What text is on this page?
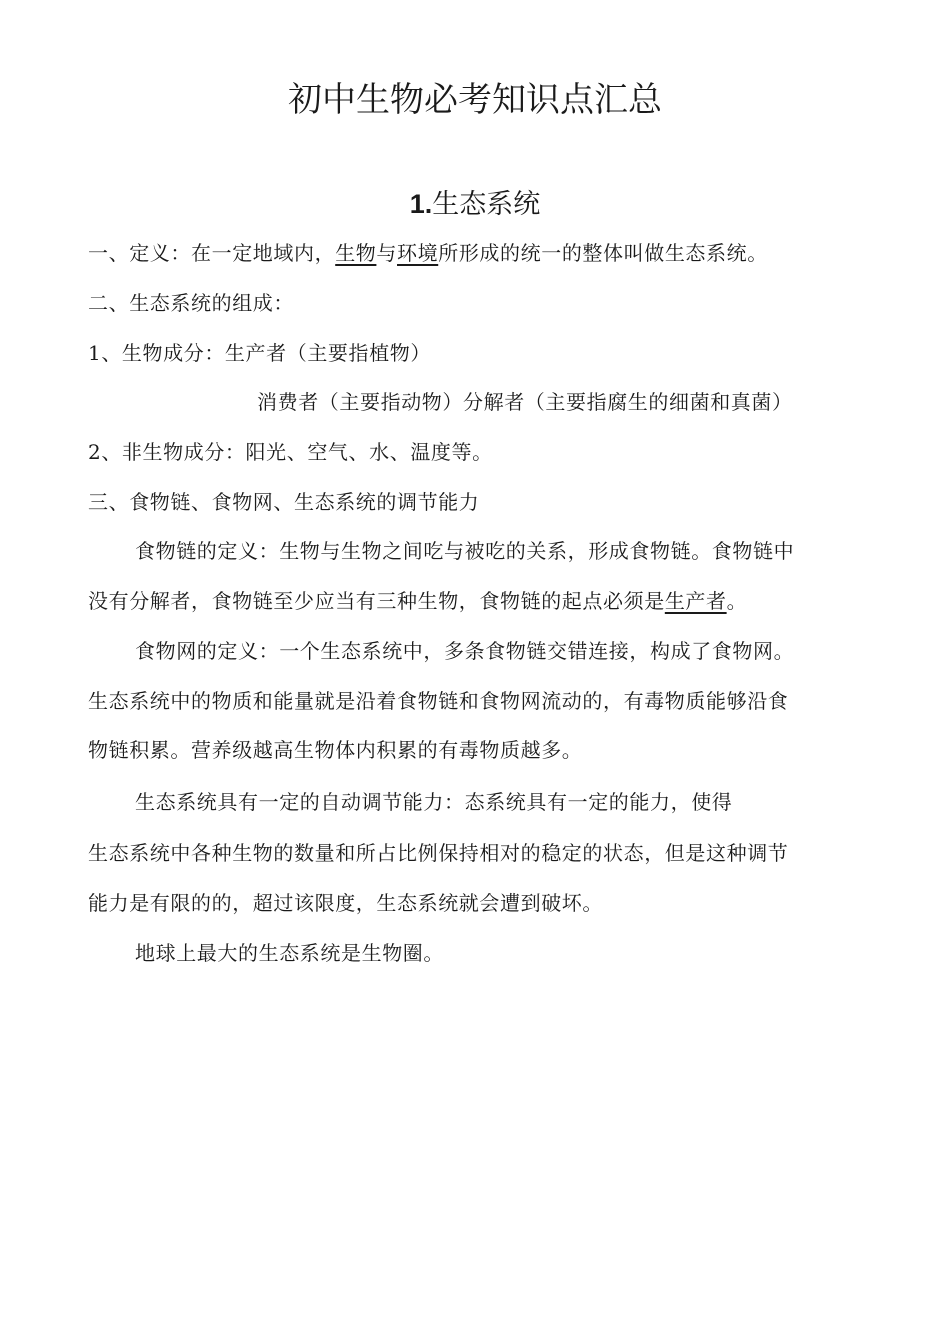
初中生物必考知识点汇总
1.生态系统
一、定义：在一定地域内，生物与环境所形成的统一的整体叫做生态系统。
二、生态系统的组成：
1、生物成分：生产者（主要指植物）
消费者（主要指动物）分解者（主要指腐生的细菌和真菌）
2、非生物成分：阳光、空气、水、温度等。
三、食物链、食物网、生态系统的调节能力
食物链的定义：生物与生物之间吃与被吃的关系，形成食物链。食物链中
没有分解者，食物链至少应当有三种生物，食物链的起点必须是生产者。
食物网的定义：一个生态系统中，多条食物链交错连接，构成了食物网。
生态系统中的物质和能量就是沿着食物链和食物网流动的，有毒物质能够沿食
物链积累。营养级越高生物体内积累的有毒物质越多。
生态系统具有一定的自动调节能力：态系统具有一定的能力，使得
生态系统中各种生物的数量和所占比例保持相对的稳定的状态，但是这种调节
能力是有限的的，超过该限度，生态系统就会遭到破坏。
地球上最大的生态系统是生物圈。
